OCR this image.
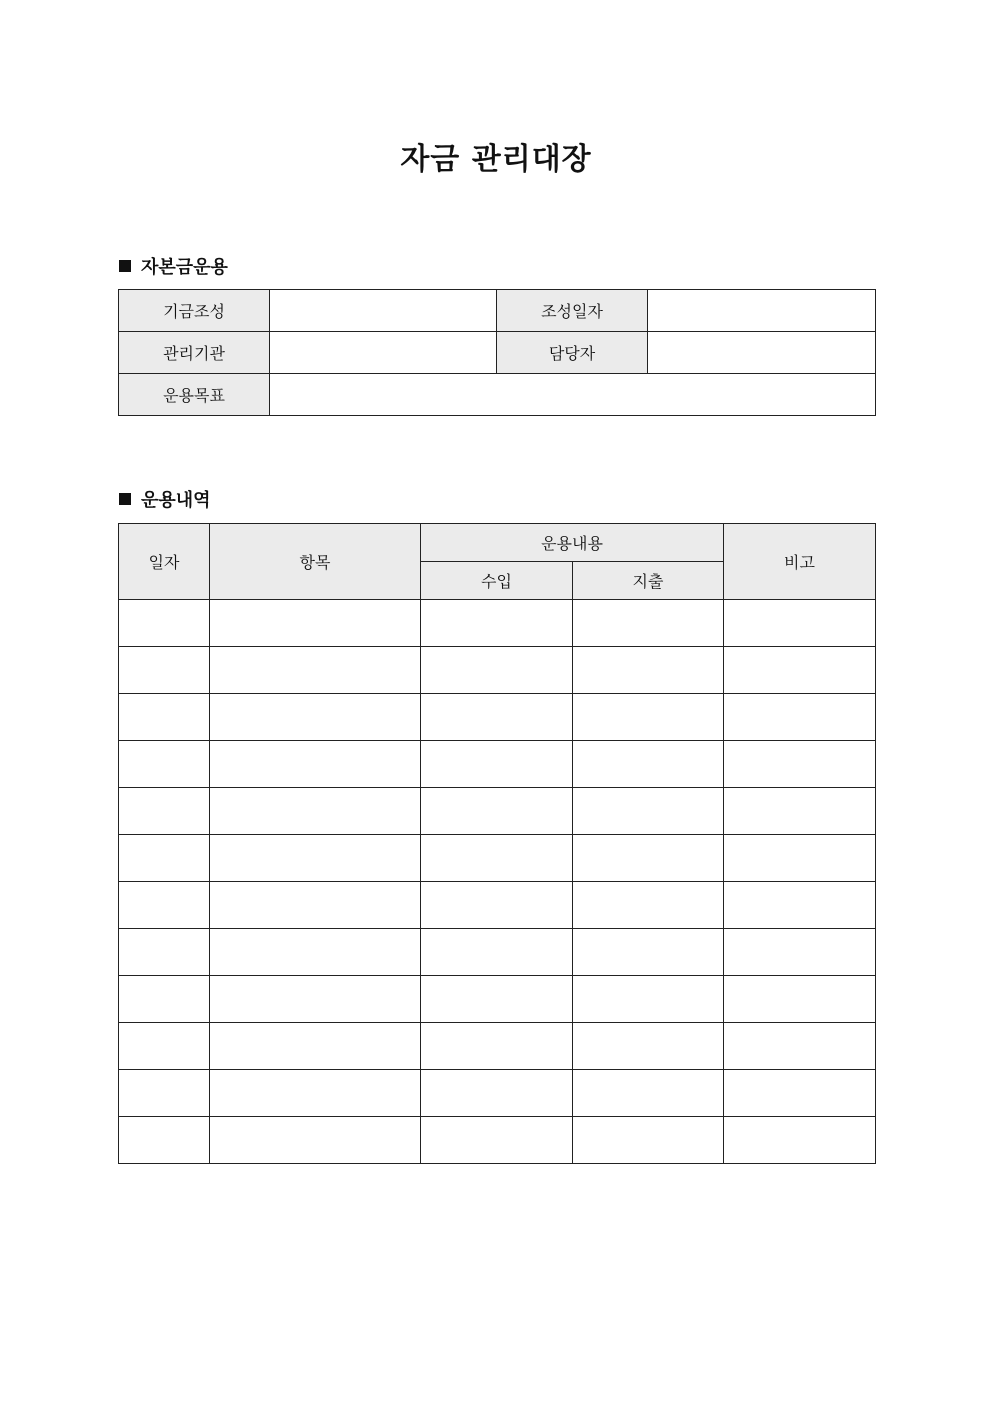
자금 관리대장
자본금운용
기금조성		조성일자	
관리기관		담당자	
운용목표			
운용내역
일자	항목	운용내용		비고
		수입	지출	
